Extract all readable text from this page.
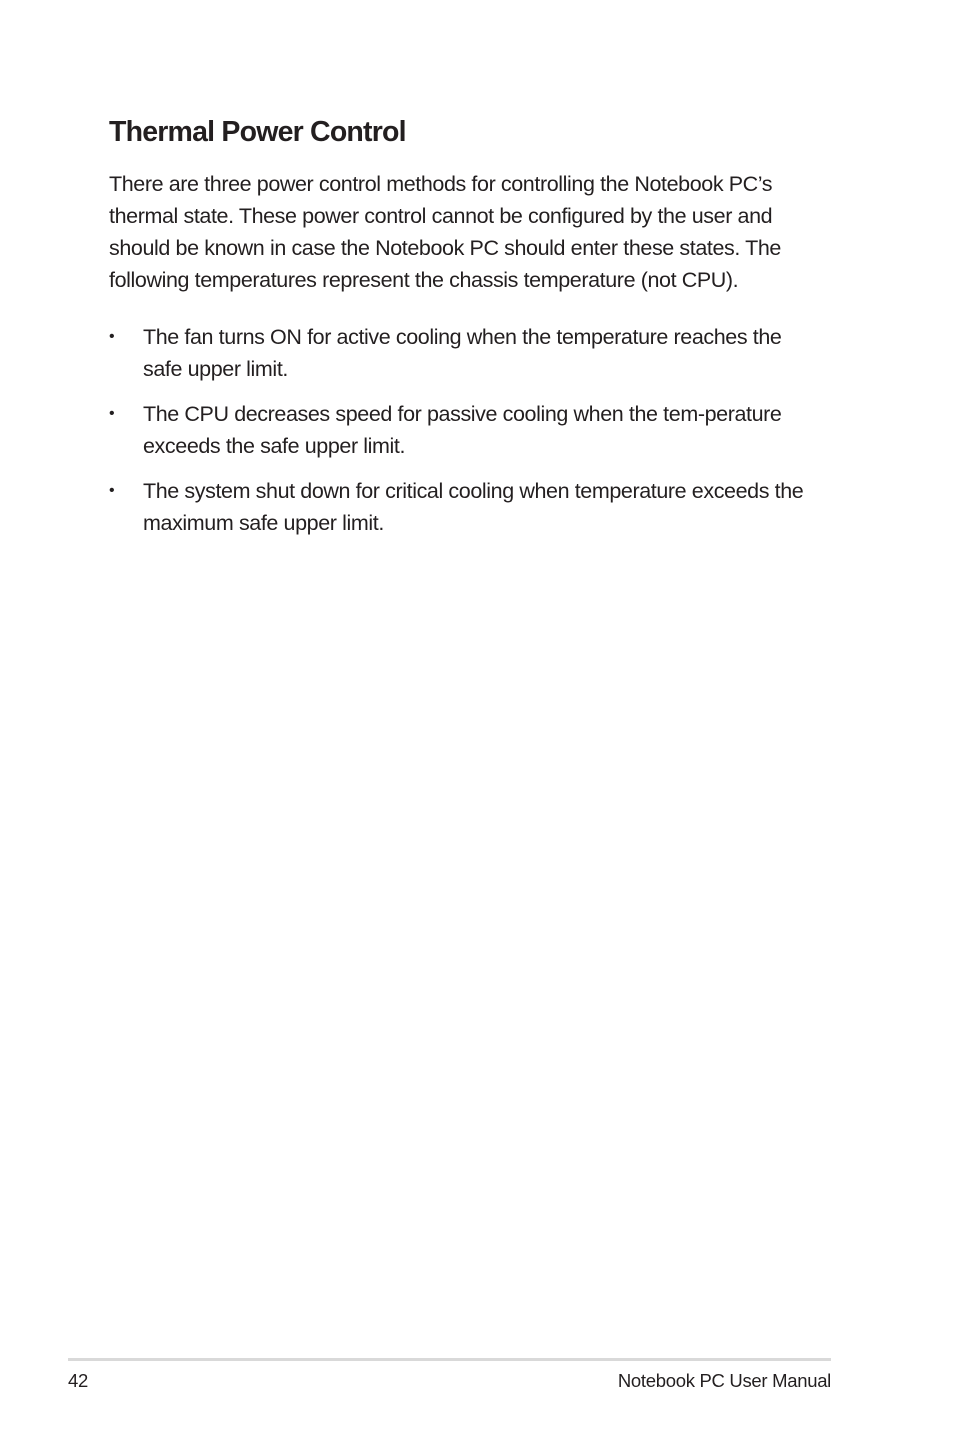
Thermal Power Control

There are three power control methods for controlling the Notebook PC’s thermal state. These power control cannot be configured by the user and should be known in case the Notebook PC should enter these states. The following temperatures represent the chassis temperature (not CPU).

• The fan turns ON for active cooling when the temperature reaches the safe upper limit.
• The CPU decreases speed for passive cooling when the tem-perature exceeds the safe upper limit.
• The system shut down for critical cooling when temperature exceeds the maximum safe upper limit.
42	Notebook PC User Manual
